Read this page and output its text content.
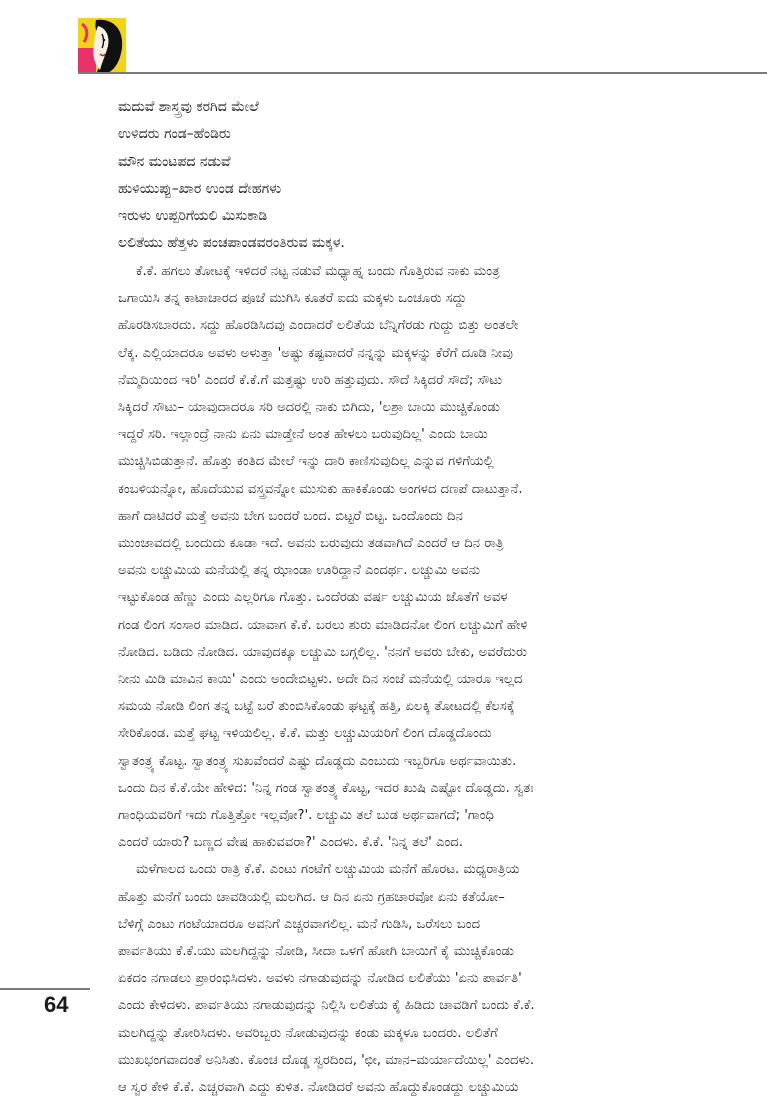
ಮದುವೆ ಶಾಸ್ತ್ರವು ಕರಗಿದ ಮೇಲೆ
ಉಳಿದರು ಗಂಡ–ಹೆಂಡಿರು
ಮೌನ ಮಂಟಪದ ನಡುವೆ
ಹುಳಿಯುಪ್ಪು–ಖಾರ ಉಂಡ ದೇಹಗಳು
ಇರುಳು ಉಪ್ಪರಿಗೆಯಲಿ ಮಿಸುಕಾಡಿ
ಲಲಿತೆಯು ಹೆತ್ತಳು ಪಂಚಪಾಂಡವರಂತಿರುವ ಮಕ್ಕಳ.
ಕೆ.ಕೆ. ಹಗಲು ತೋಟಕ್ಕೆ ಇಳಿದರೆ ನಟ್ಟ ನಡುವೆ ಮಧ್ಯಾಹ್ನ ಬಂದು ಗೊತ್ತಿರುವ ನಾಕು ಮಂತ್ರ
ಒಗಾಯಿಸಿ ತನ್ನ ಕಾಟಾಚಾರದ ಪೂಜೆ ಮುಗಿಸಿ ಕೂತರೆ ಐದು ಮಕ್ಕಳು ಒಂಚೂರು ಸದ್ದು
ಹೊರಡಿಸಬಾರದು. ಸದ್ದು ಹೊರಡಿಸಿದವು ಎಂದಾದರೆ ಲಲಿತೆಯ ಬೆನ್ನಿಗೆರಡು ಗುದ್ದು ಬಿತ್ತು ಅಂತಲೇ
ಲೆಕ್ಕ. ಎಲ್ಲಿಯಾದರೂ ಅವಳು ಅಳುತ್ತಾ 'ಅಷ್ಟು ಕಷ್ಟವಾದರೆ ನನ್ನನ್ನು ಮಕ್ಕಳನ್ನು ಕೆರೆಗೆ ದೂಡಿ ನೀವು
ನೆಮ್ಮದಿಯಿಂದ ಇರಿ' ಎಂದರೆ ಕೆ.ಕೆ.ಗೆ ಮತ್ತಷ್ಟು ಉರಿ ಹತ್ತುವುದು. ಸೌದೆ ಸಿಕ್ಕಿದರೆ ಸೌದೆ; ಸೌಟು
ಸಿಕ್ಕಿದರೆ ಸೌಟು– ಯಾವುದಾದರೂ ಸರಿ ಅದರಲ್ಲಿ ನಾಕು ಬಿಗಿದು, 'ಲಶ್ರಾ ಬಾಯಿ ಮುಚ್ಚಿಕೊಂಡು
ಇದ್ದರೆ ಸರಿ. ಇಲ್ಲಾಂದ್ರೆ ನಾನು ಏನು ಮಾಡ್ತೇನೆ ಅಂತ ಹೇಳಲು ಬರುವುದಿಲ್ಲ' ಎಂದು ಬಾಯಿ
ಮುಚ್ಚಿಸಿಬಿಡುತ್ತಾನೆ. ಹೊತ್ತು ಕಂತಿದ ಮೇಲೆ ಇನ್ನು ದಾರಿ ಕಾಣಿಸುವುದಿಲ್ಲ ಎನ್ನುವ ಗಳಿಗೆಯಲ್ಲಿ
ಕಂಬಳಿಯನ್ನೋ, ಹೊದೆಯುವ ವಸ್ತ್ರವನ್ನೋ ಮುಸುಕು ಹಾಕಿಕೊಂಡು ಅಂಗಳದ ದಣಪೆ ದಾಟುತ್ತಾನೆ.
ಹಾಗೆ ದಾಟಿದರೆ ಮತ್ತೆ ಅವನು ಬೇಗ ಬಂದರೆ ಬಂದ. ಬಿಟ್ಟರೆ ಬಿಟ್ಟ. ಒಂದೊಂದು ದಿನ
ಮುಂಜಾವದಲ್ಲಿ ಬಂದುದು ಕೂಡಾ ಇದೆ. ಅವನು ಬರುವುದು ತಡವಾಗಿದೆ ಎಂದರೆ ಆ ದಿನ ರಾತ್ರಿ
ಅವನು ಲಚ್ಚುಮಿಯ ಮನೆಯಲ್ಲಿ ತನ್ನ ಝಾಂಡಾ ಊರಿದ್ದಾನೆ ಎಂದರ್ಥ. ಲಚ್ಚುಮಿ ಅವನು
ಇಟ್ಟುಕೊಂಡ ಹೆಣ್ಣು ಎಂದು ಎಲ್ಲರಿಗೂ ಗೊತ್ತು. ಒಂದೆರಡು ವರ್ಷ ಲಚ್ಚುಮಿಯ ಜೊತೆಗೆ ಅವಳ
ಗಂಡ ಲಿಂಗ ಸಂಸಾರ ಮಾಡಿದ. ಯಾವಾಗ ಕೆ.ಕೆ. ಬರಲು ಶುರು ಮಾಡಿದನೋ ಲಿಂಗ ಲಚ್ಚುಮಿಗೆ ಹೇಳಿ
ನೋಡಿದ. ಬಡಿದು ನೋಡಿದ. ಯಾವುದಕ್ಕೂ ಲಚ್ಚುಮಿ ಬಗ್ಗಲಿಲ್ಲ. 'ನನಗೆ ಅವರು ಬೇಕು, ಅವರೆದುರು
ನೀನು ಮಿಡಿ ಮಾವಿನ ಕಾಯಿ' ಎಂದು ಅಂದೇಬಿಟ್ಟಳು. ಅದೇ ದಿನ ಸಂಜೆ ಮನೆಯಲ್ಲಿ ಯಾರೂ ಇಲ್ಲದ
ಸಮಯ ನೋಡಿ ಲಿಂಗ ತನ್ನ ಬಟ್ಟೆ ಬರೆ ತುಂಬಿಸಿಕೊಂಡು ಘಟ್ಟಕ್ಕೆ ಹತ್ತಿ, ಏಲಕ್ಕಿ ತೋಟದಲ್ಲಿ ಕೆಲಸಕ್ಕೆ
ಸೇರಿಕೊಂಡ. ಮತ್ತೆ ಘಟ್ಟ ಇಳಿಯಲಿಲ್ಲ. ಕೆ.ಕೆ. ಮತ್ತು ಲಚ್ಚುಮಿಯರಿಗೆ ಲಿಂಗ ದೊಡ್ಡದೊಂದು
ಸ್ವಾತಂತ್ರ್ಯ ಕೊಟ್ಟ. ಸ್ವಾತಂತ್ರ್ಯ ಸುಖವೆಂದರೆ ಎಷ್ಟು ದೊಡ್ಡದು ಎಂಬುದು ಇಬ್ಬರಿಗೂ ಅರ್ಥವಾಯಿತು.
ಒಂದು ದಿನ ಕೆ.ಕೆ.ಯೇ ಹೇಳಿದ: 'ನಿನ್ನ ಗಂಡ ಸ್ವಾತಂತ್ರ್ಯ ಕೊಟ್ಟ, ಇದರ ಖುಷಿ ಎಷ್ಟೋ ದೊಡ್ಡದು. ಸ್ವತಃ
ಗಾಂಧಿಯವರಿಗೆ ಇದು ಗೊತ್ತಿತ್ತೋ ಇಲ್ಲವೋ?'. ಲಚ್ಚುಮಿ ತಲೆ ಬುಡ ಅರ್ಥವಾಗದೆ; 'ಗಾಂಧಿ
ಎಂದರೆ ಯಾರು? ಬಣ್ಣದ ವೇಷ ಹಾಕುವವರಾ?' ಎಂದಳು. ಕೆ.ಕೆ. 'ನಿನ್ನ ತಲೆ' ಎಂದ.
ಮಳೆಗಾಲದ ಒಂದು ರಾತ್ರಿ ಕೆ.ಕೆ. ಎಂಟು ಗಂಟೆಗೆ ಲಚ್ಚುಮಿಯ ಮನೆಗೆ ಹೊರಟ. ಮಧ್ಯರಾತ್ರಿಯ
ಹೊತ್ತು ಮನೆಗೆ ಬಂದು ಚಾವಡಿಯಲ್ಲಿ ಮಲಗಿದ. ಆ ದಿನ ಏನು ಗ್ರಹಚಾರವೋ ಏನು ಕತೆಯೋ–
ಬೆಳಿಗ್ಗೆ ಎಂಟು ಗಂಟೆಯಾದರೂ ಅವನಿಗೆ ಎಚ್ಚರವಾಗಲಿಲ್ಲ. ಮನೆ ಗುಡಿಸಿ, ಒರೆಸಲು ಬಂದ
ಪಾರ್ವತಿಯು ಕೆ.ಕೆ.ಯು ಮಲಗಿದ್ದನ್ನು ನೋಡಿ, ಸೀದಾ ಒಳಗೆ ಹೋಗಿ ಬಾಯಿಗೆ ಕೈ ಮುಚ್ಚಿಕೊಂಡು
ಏಕದಂ ನಗಾಡಲು ಪ್ರಾರಂಭಿಸಿದಳು. ಅವಳು ನಗಾಡುವುದನ್ನು ನೋಡಿದ ಲಲಿತೆಯು 'ಏನು ಪಾರ್ವತಿ'
ಎಂದು ಕೇಳಿದಳು. ಪಾರ್ವತಿಯು ನಗಾಡುವುದನ್ನು ನಿಲ್ಲಿಸಿ ಲಲಿತೆಯ ಕೈ ಹಿಡಿದು ಚಾವಡಿಗೆ ಬಂದು ಕೆ.ಕೆ.
ಮಲಗಿದ್ದನ್ನು ತೋರಿಸಿದಳು. ಅವರಿಬ್ಬರು ನೋಡುವುದನ್ನು ಕಂಡು ಮಕ್ಕಳೂ ಬಂದರು. ಲಲಿತೆಗೆ
ಮುಖಭಂಗವಾದಂತೆ ಅನಿಸಿತು. ಕೊಂಚ ದೊಡ್ಡ ಸ್ವರದಿಂದ, 'ಛೀ, ಮಾನ–ಮರ್ಯಾದೆಯಿಲ್ಲ' ಎಂದಳು.
ಆ ಸ್ವರ ಕೇಳಿ ಕೆ.ಕೆ. ಎಚ್ಚರವಾಗಿ ಎದ್ದು ಕುಳಿತ. ನೋಡಿದರೆ ಅವನು ಹೊದ್ದುಕೊಂಡದ್ದು ಲಚ್ಚುಮಿಯ
64
